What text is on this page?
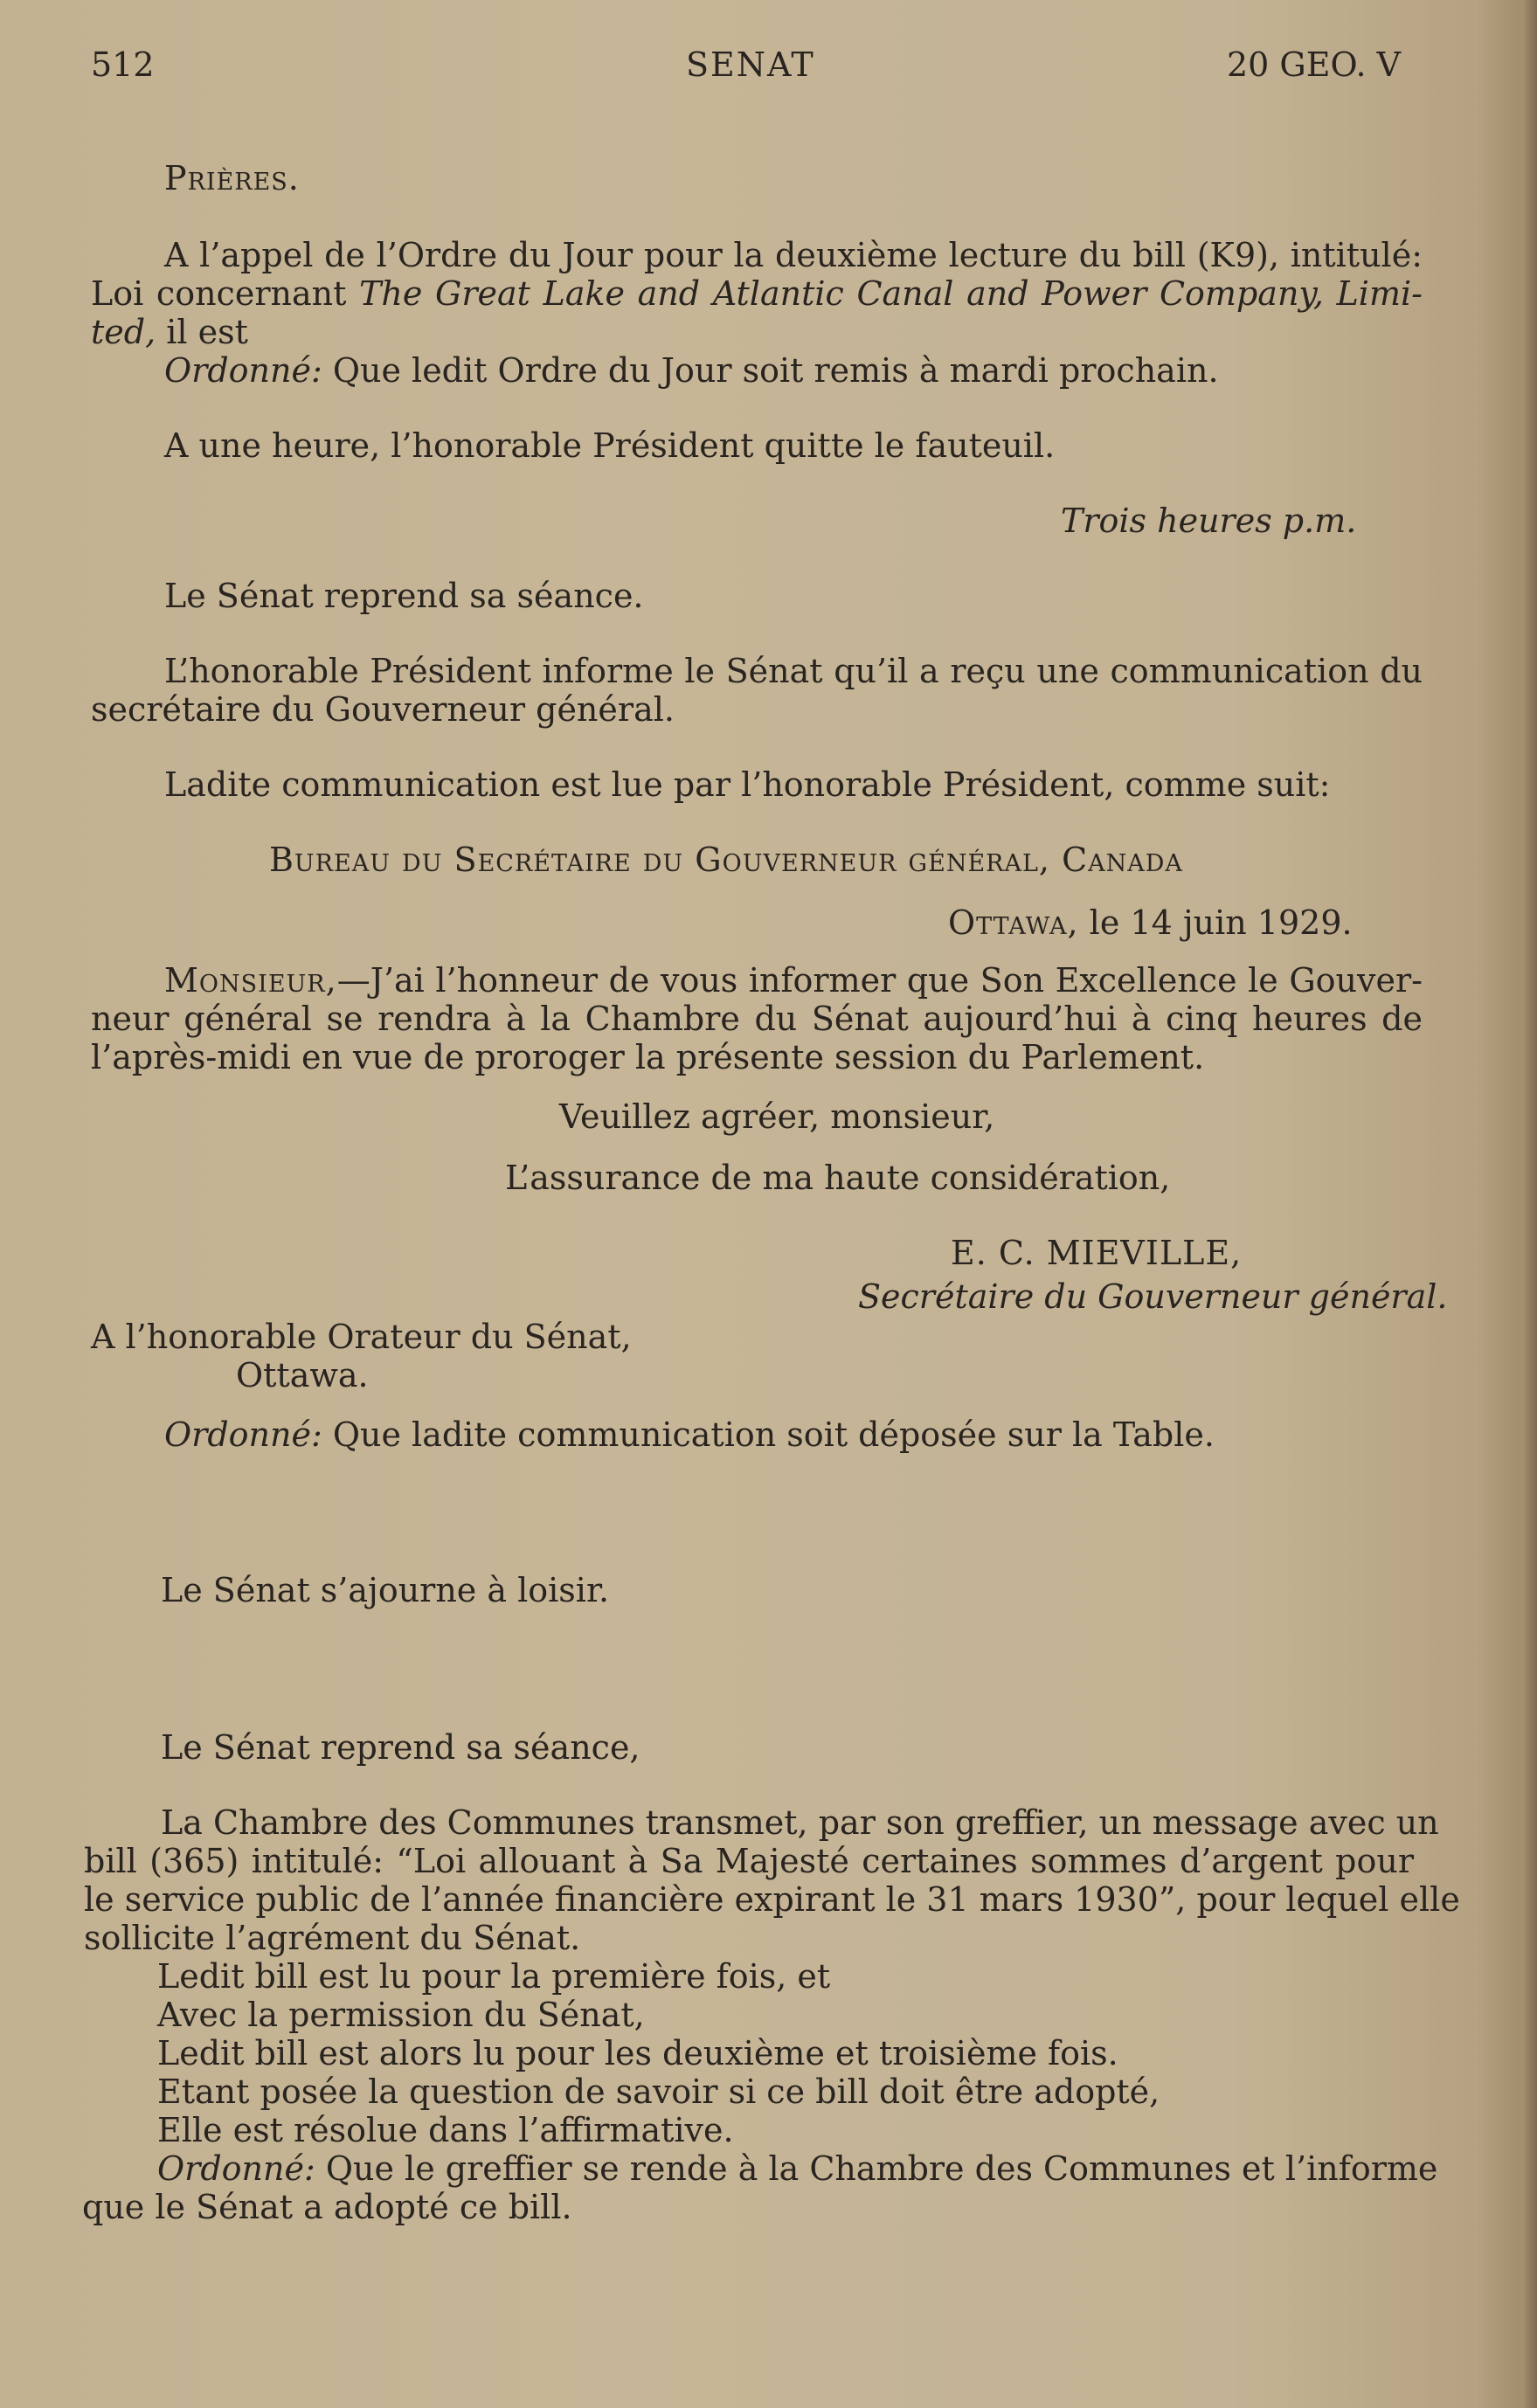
512	SENAT	20 GEO. V
Prières.
A l’appel de l’Ordre du Jour pour la deuxième lecture du bill (K9), intitulé:
Loi concernant The Great Lake and Atlantic Canal and Power Company, Limi-
ted, il est
Ordonné: Que ledit Ordre du Jour soit remis à mardi prochain.
A une heure, l’honorable Président quitte le fauteuil.
Trois heures p.m.
Le Sénat reprend sa séance.
L’honorable Président informe le Sénat qu’il a reçu une communication du
secrétaire du Gouverneur général.
Ladite communication est lue par l’honorable Président, comme suit:
Bureau du Secrétaire du Gouverneur général, Canada
Ottawa, le 14 juin 1929.
Monsieur,—J’ai l’honneur de vous informer que Son Excellence le Gouver-
neur général se rendra à la Chambre du Sénat aujourd’hui à cinq heures de
l’après-midi en vue de proroger la présente session du Parlement.
Veuillez agréer, monsieur,
L’assurance de ma haute considération,
E. C. MIEVILLE,
Secrétaire du Gouverneur général.
A l’honorable Orateur du Sénat,
Ottawa.
Ordonné: Que ladite communication soit déposée sur la Table.
Le Sénat s’ajourne à loisir.
Le Sénat reprend sa séance,
La Chambre des Communes transmet, par son greffier, un message avec un
bill (365) intitulé: “Loi allouant à Sa Majesté certaines sommes d’argent pour
le service public de l’année financière expirant le 31 mars 1930”, pour lequel elle
sollicite l’agrément du Sénat.
Ledit bill est lu pour la première fois, et
Avec la permission du Sénat,
Ledit bill est alors lu pour les deuxième et troisième fois.
Etant posée la question de savoir si ce bill doit être adopté,
Elle est résolue dans l’affirmative.
Ordonné: Que le greffier se rende à la Chambre des Communes et l’informe
que le Sénat a adopté ce bill.
